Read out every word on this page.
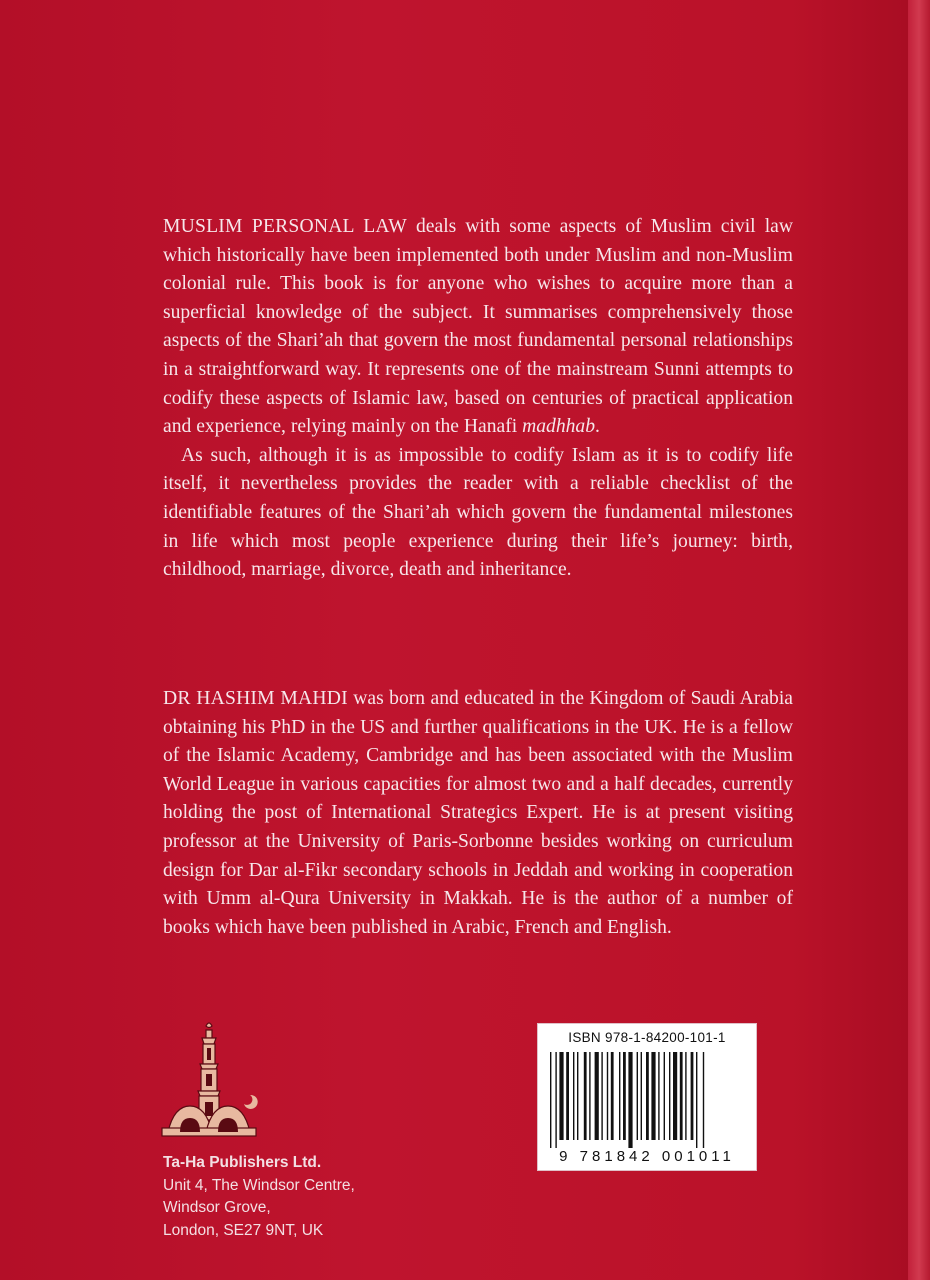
MUSLIM PERSONAL LAW deals with some aspects of Muslim civil law which historically have been implemented both under Muslim and non-Muslim colonial rule. This book is for anyone who wishes to acquire more than a superficial knowledge of the subject. It summarises comprehensively those aspects of the Shari’ah that govern the most fundamental personal relationships in a straightforward way. It represents one of the mainstream Sunni attempts to codify these aspects of Islamic law, based on centuries of practical application and experience, relying mainly on the Hanafi madhhab.

As such, although it is as impossible to codify Islam as it is to codify life itself, it nevertheless provides the reader with a reliable checklist of the identifiable features of the Shari’ah which govern the fundamental milestones in life which most people experience during their life’s journey: birth, childhood, marriage, divorce, death and inheritance.

DR HASHIM MAHDI was born and educated in the Kingdom of Saudi Arabia obtaining his PhD in the US and further qualifications in the UK. He is a fellow of the Islamic Academy, Cambridge and has been associated with the Muslim World League in various capacities for almost two and a half decades, currently holding the post of International Strategics Expert. He is at present visiting professor at the University of Paris-Sorbonne besides working on curriculum design for Dar al-Fikr secondary schools in Jeddah and working in cooperation with Umm al-Qura University in Makkah. He is the author of a number of books which have been published in Arabic, French and English.

Ta-Ha Publishers Ltd.
Unit 4, The Windsor Centre,
Windsor Grove,
London, SE27 9NT, UK
ISBN 978-1-84200-101-1
9 781842 001011
